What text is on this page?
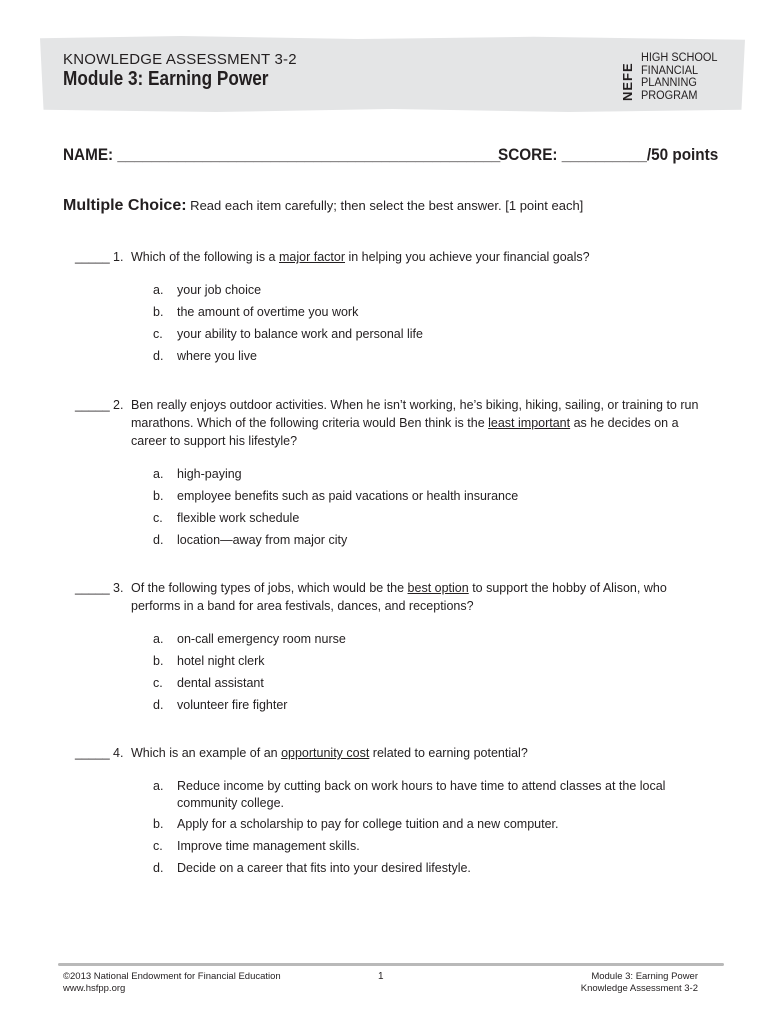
KNOWLEDGE ASSESSMENT 3-2
Module 3: Earning Power	NEFE
HIGH SCHOOL
FINANCIAL
PLANNING
PROGRAM
NAME: _____________________________________________
SCORE: __________/50 points
Multiple Choice: Read each item carefully; then select the best answer. [1 point each]
_____ 1. Which of the following is a major factor in helping you achieve your financial goals?
a.	your job choice
b.	the amount of overtime you work
c.	your ability to balance work and personal life
d.	where you live
_____ 2. Ben really enjoys outdoor activities. When he isn’t working, he’s biking, hiking, sailing, or training to run marathons. Which of the following criteria would Ben think is the least important as he decides on a career to support his lifestyle?
a.	high-paying
b.	employee benefits such as paid vacations or health insurance
c.	flexible work schedule
d.	location—away from major city
_____ 3. Of the following types of jobs, which would be the best option to support the hobby of Alison, who performs in a band for area festivals, dances, and receptions?
a.	on-call emergency room nurse
b.	hotel night clerk
c.	dental assistant
d.	volunteer fire fighter
_____ 4. Which is an example of an opportunity cost related to earning potential?
a.	Reduce income by cutting back on work hours to have time to attend classes at the local community college.
b.	Apply for a scholarship to pay for college tuition and a new computer.
c.	Improve time management skills.
d.	Decide on a career that fits into your desired lifestyle.
©2013 National Endowment for Financial Education
www.hsfpp.org
1	Module 3: Earning Power
Knowledge Assessment 3-2
